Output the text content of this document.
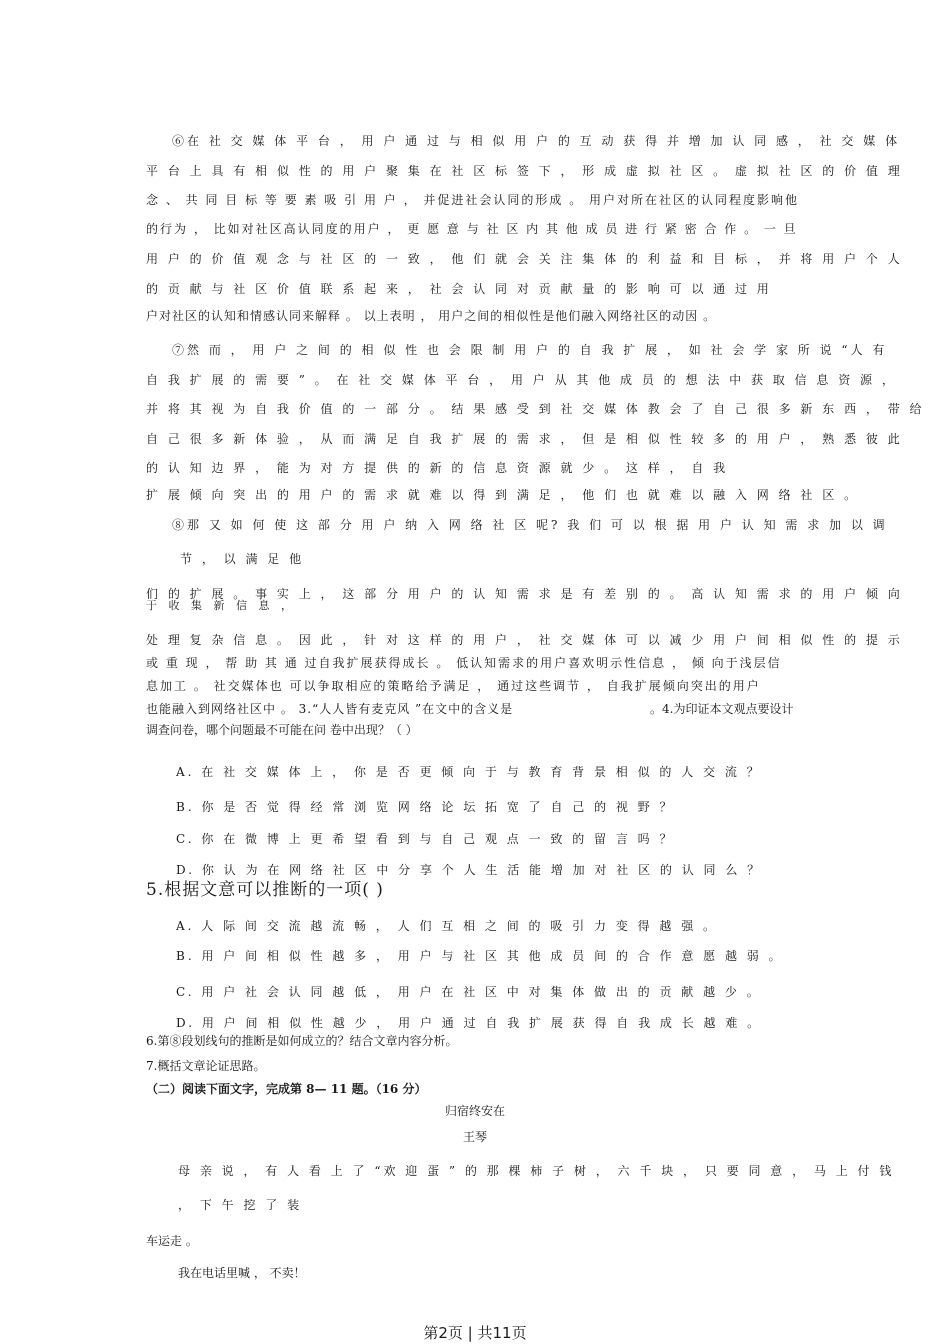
⑥在 社 交 媒 体 平 台 ， 用 户 通 过 与 相 似 用 户 的 互 动 获 得 并 增 加 认 同 感 ， 社 交 媒 体
平 台 上 具 有 相 似 性 的 用 户 聚 集 在 社 区 标 签 下 ， 形 成 虚 拟 社 区 。 虚 拟 社 区 的 价 值 理
念 、 共 同 目 标 等 要 素 吸 引 用 户 ， 并促进社会认同的形成 。 用户对所在社区的认同程度影响他
的行为 ， 比如对社区高认同度的用户 ， 更 愿 意 与 社 区 内 其 他 成 员 进 行 紧 密 合 作 。 一 旦
用 户 的 价 值 观 念 与 社 区 的 一 致 ， 他 们 就 会 关 注 集 体 的 利 益 和 目 标 ， 并 将 用 户 个 人
的 贡 献 与 社 区 价 值 联 系 起 来 ， 社 会 认 同 对 贡 献 量 的 影 响 可 以 通 过 用
户对社区的认知和情感认同来解释 。 以上表明 ， 用户之间的相似性是他们融入网络社区的动因 。
⑦然 而 ， 用 户 之 间 的 相 似 性 也 会 限 制 用 户 的 自 我 扩 展 ， 如 社 会 学 家 所 说 “人 有
自 我 扩 展 的 需 要 ” 。 在 社 交 媒 体 平 台 ， 用 户 从 其 他 成 员 的 想 法 中 获 取 信 息 资 源 ，
并 将 其 视 为 自 我 价 值 的 一 部 分 。 结 果 感 受 到 社 交 媒 体 教 会 了 自 己 很 多 新 东 西 ， 带 给
自 己 很 多 新 体 验 ， 从 而 满 足 自 我 扩 展 的 需 求 ， 但 是 相 似 性 较 多 的 用 户 ， 熟 悉 彼 此
的 认 知 边 界 ， 能 为 对 方 提 供 的 新 的 信 息 资 源 就 少 。 这 样 ， 自 我
扩 展 倾 向 突 出 的 用 户 的 需 求 就 难 以 得 到 满 足 ， 他 们 也 就 难 以 融 入 网 络 社 区 。
⑧那 又 如 何 使 这 部 分 用 户 纳 入 网 络 社 区 呢? 我 们 可 以 根 据 用 户 认 知 需 求 加 以 调
节 ， 以 满 足 他
们 的 扩 展 。 事 实 上 ， 这 部 分 用 户 的 认 知 需 求 是 有 差 别 的 。 高 认 知 需 求 的 用 户 倾 向
于 收 集 新 信 息 ，
处 理 复 杂 信 息 。 因 此 ， 针 对 这 样 的 用 户 ， 社 交 媒 体 可 以 减 少 用 户 间 相 似 性 的 提 示
或 重 现 ， 帮 助 其 通 过自我扩展获得成长 。 低认知需求的用户喜欢明示性信息 ， 倾 向于浅层信
息加工 。 社交媒体也 可以争取相应的策略给予满足 ， 通过这些调节 ， 自我扩展倾向突出的用户
也能融入到网络社区中 。 3.“人人皆有麦克风 ”在文中的含义是	。4.为印证本文观点要设计
调查问卷，哪个问题最不可能在问 卷中出现？（ ）
A. 在 社 交 媒 体 上 ， 你 是 否 更 倾 向 于 与 教 育 背 景 相 似 的 人 交 流 ？
B. 你 是 否 觉 得 经 常 浏 览 网 络 论 坛 拓 宽 了 自 己 的 视 野 ？
C. 你 在 微 博 上 更 希 望 看 到 与 自 己 观 点 一 致 的 留 言 吗 ？
D. 你 认 为 在 网 络 社 区 中 分 享 个 人 生 活 能 增 加 对 社 区 的 认 同 么 ？
5.根据文意可以推断的一项( )
A. 人 际 间 交 流 越 流 畅 ， 人 们 互 相 之 间 的 吸 引 力 变 得 越 强 。
B. 用 户 间 相 似 性 越 多 ， 用 户 与 社 区 其 他 成 员 间 的 合 作 意 愿 越 弱 。
C. 用 户 社 会 认 同 越 低 ， 用 户 在 社 区 中 对 集 体 做 出 的 贡 献 越 少 。
D. 用 户 间 相 似 性 越 少 ， 用 户 通 过 自 我 扩 展 获 得 自 我 成 长 越 难 。
6.第⑧段划线句的推断是如何成立的？结合文章内容分析。
7.概括文章论证思路。
（二）阅读下面文字，完成第 8— 11 题。（16 分）
归宿终安在
王琴
母 亲 说 ， 有 人 看 上 了 “欢 迎 蛋 ” 的 那 棵 柿 子 树 ， 六 千 块 ， 只 要 同 意 ， 马 上 付 钱
， 下 午 挖 了 装
车运走 。
我在电话里喊 ， 不卖！
第2页 | 共11页
